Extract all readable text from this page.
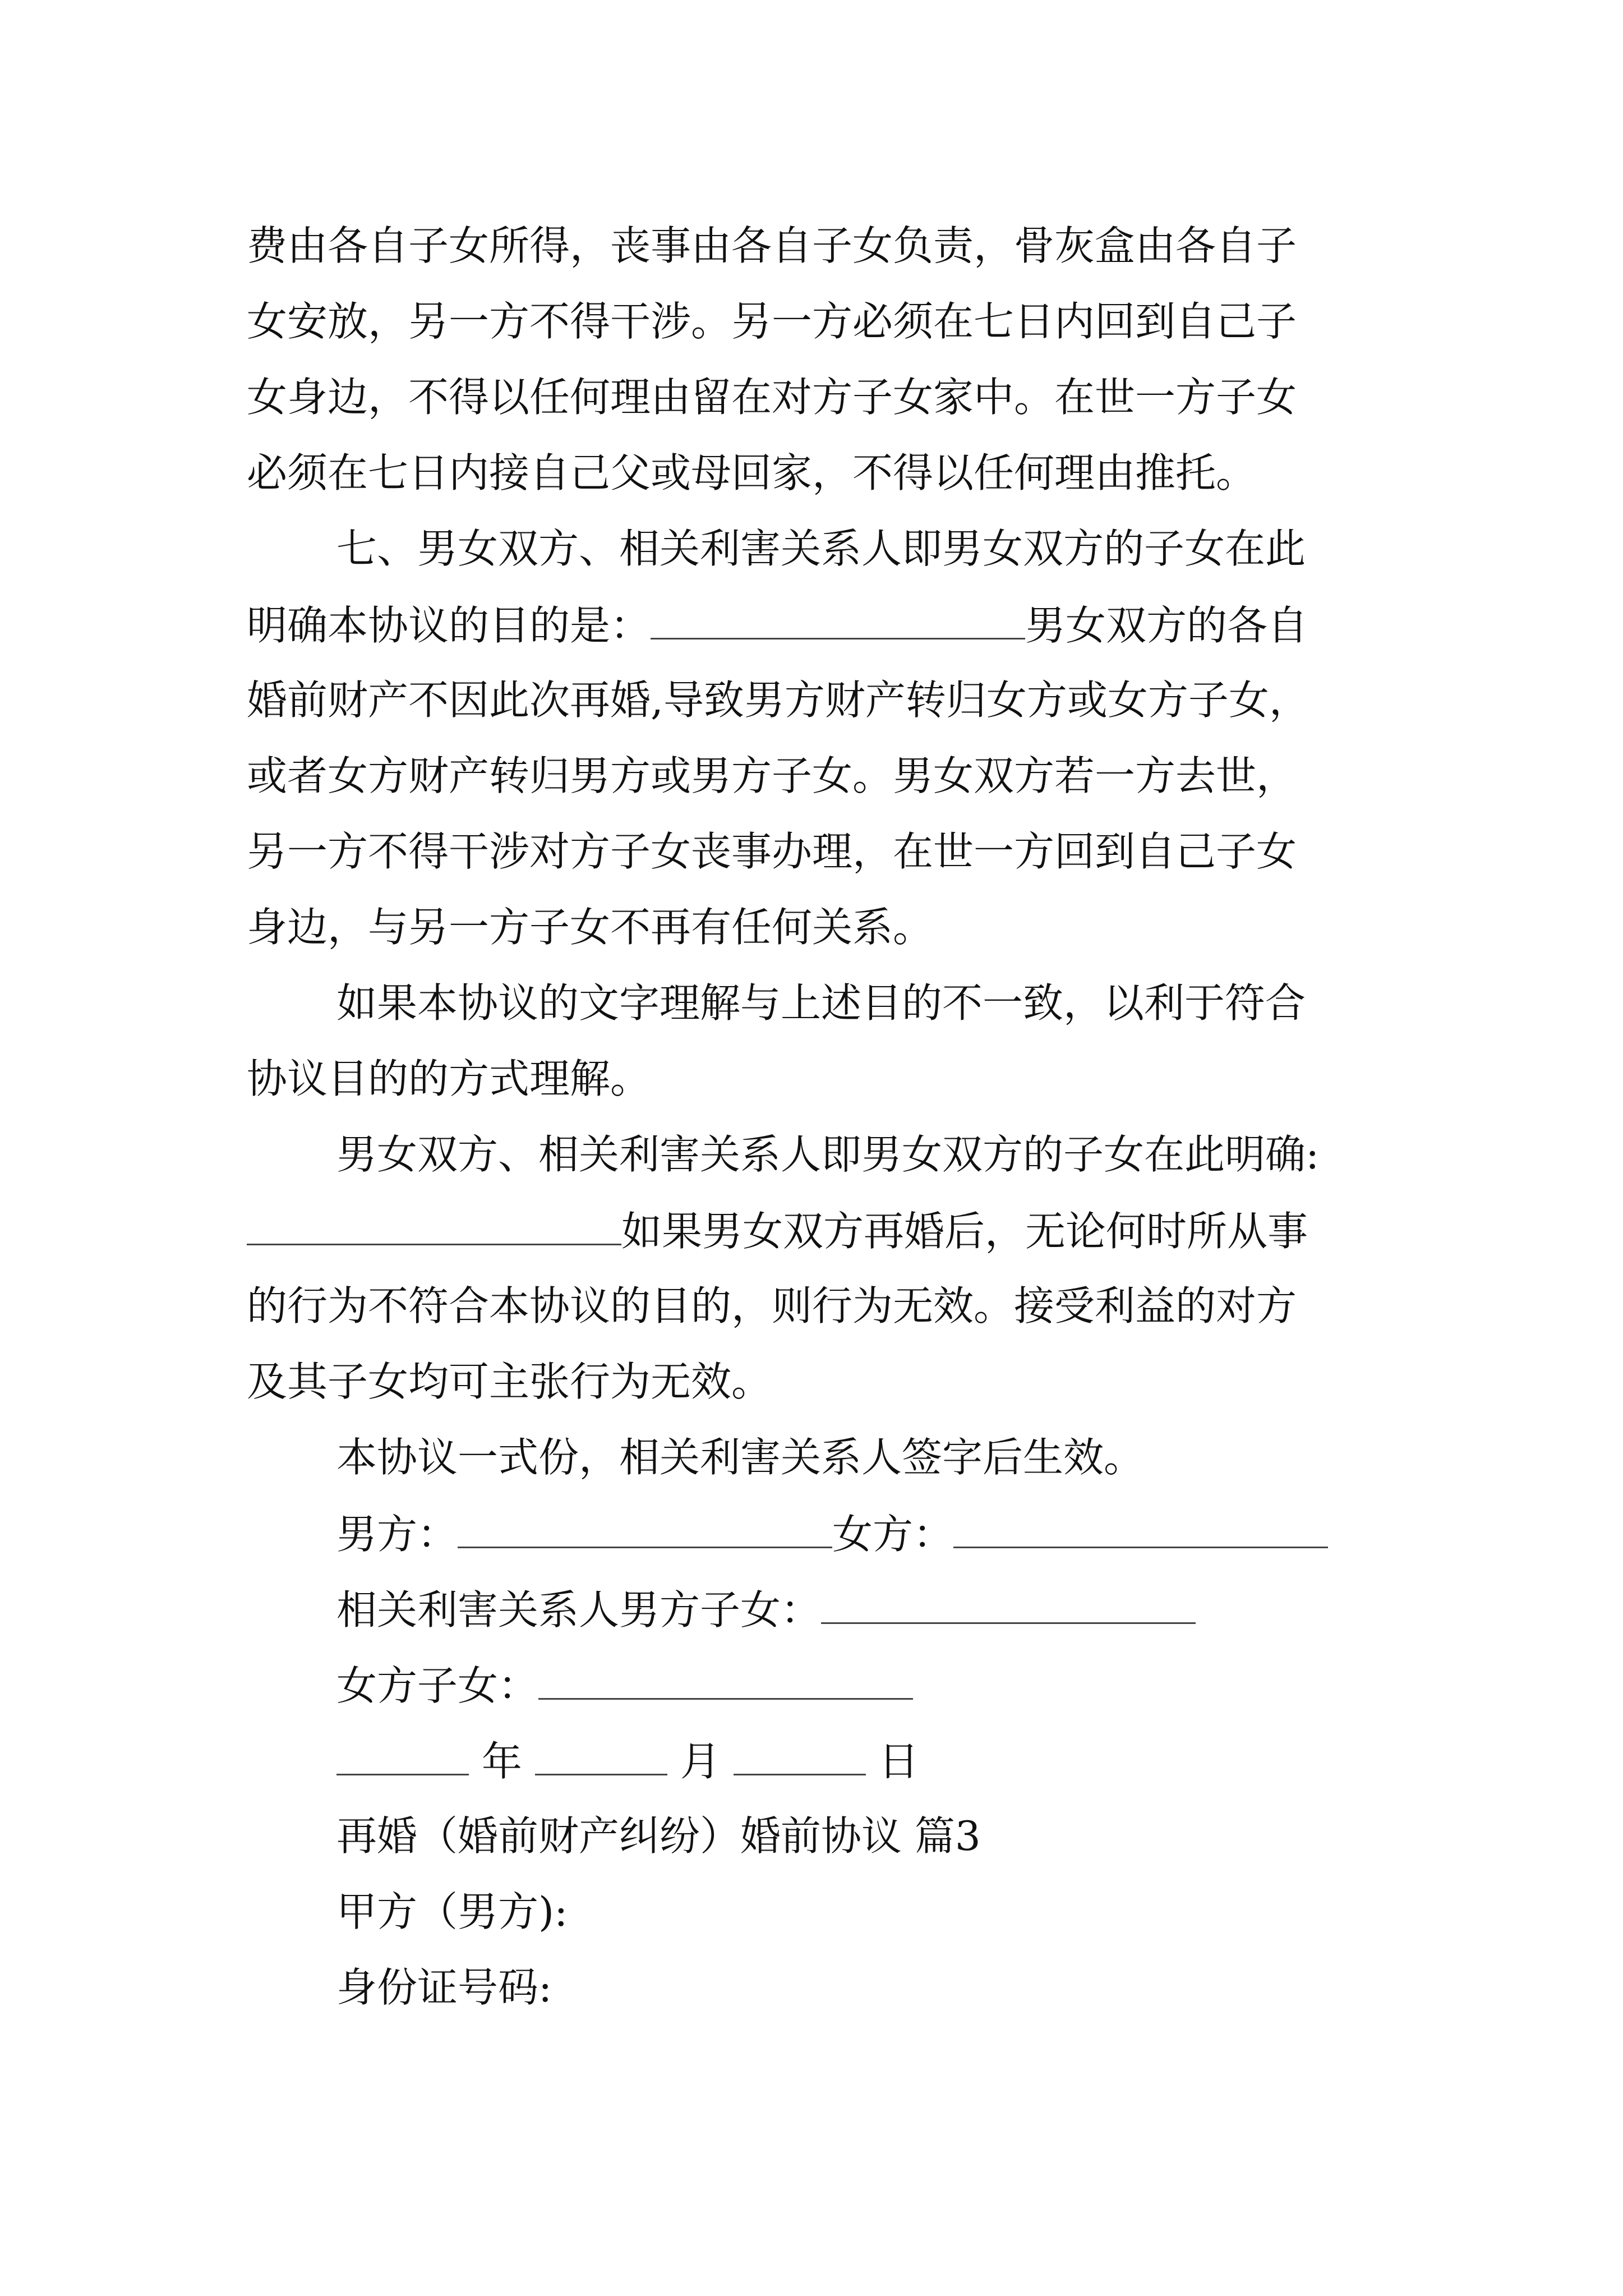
费由各自子女所得，丧事由各自子女负责，骨灰盒由各自子
女安放，另一方不得干涉。另一方必须在七日内回到自己子
女身边，不得以任何理由留在对方子女家中。在世一方子女
必须在七日内接自己父或母回家，不得以任何理由推托。
七、男女双方、相关利害关系人即男女双方的子女在此
明确本协议的目的是：	男女双方的各自
婚前财产不因此次再婚,导致男方财产转归女方或女方子女，
或者女方财产转归男方或男方子女。男女双方若一方去世，
另一方不得干涉对方子女丧事办理，在世一方回到自己子女
身边，与另一方子女不再有任何关系。
如果本协议的文字理解与上述目的不一致，以利于符合
协议目的的方式理解。
男女双方、相关利害关系人即男女双方的子女在此明确:
如果男女双方再婚后，无论何时所从事
的行为不符合本协议的目的，则行为无效。接受利益的对方
及其子女均可主张行为无效。
本协议一式份，相关利害关系人签字后生效。
男方：	女方：
相关利害关系人男方子女：
女方子女：
年	月	日
再婚（婚前财产纠纷）婚前协议 篇3
甲方（男方):
身份证号码:
